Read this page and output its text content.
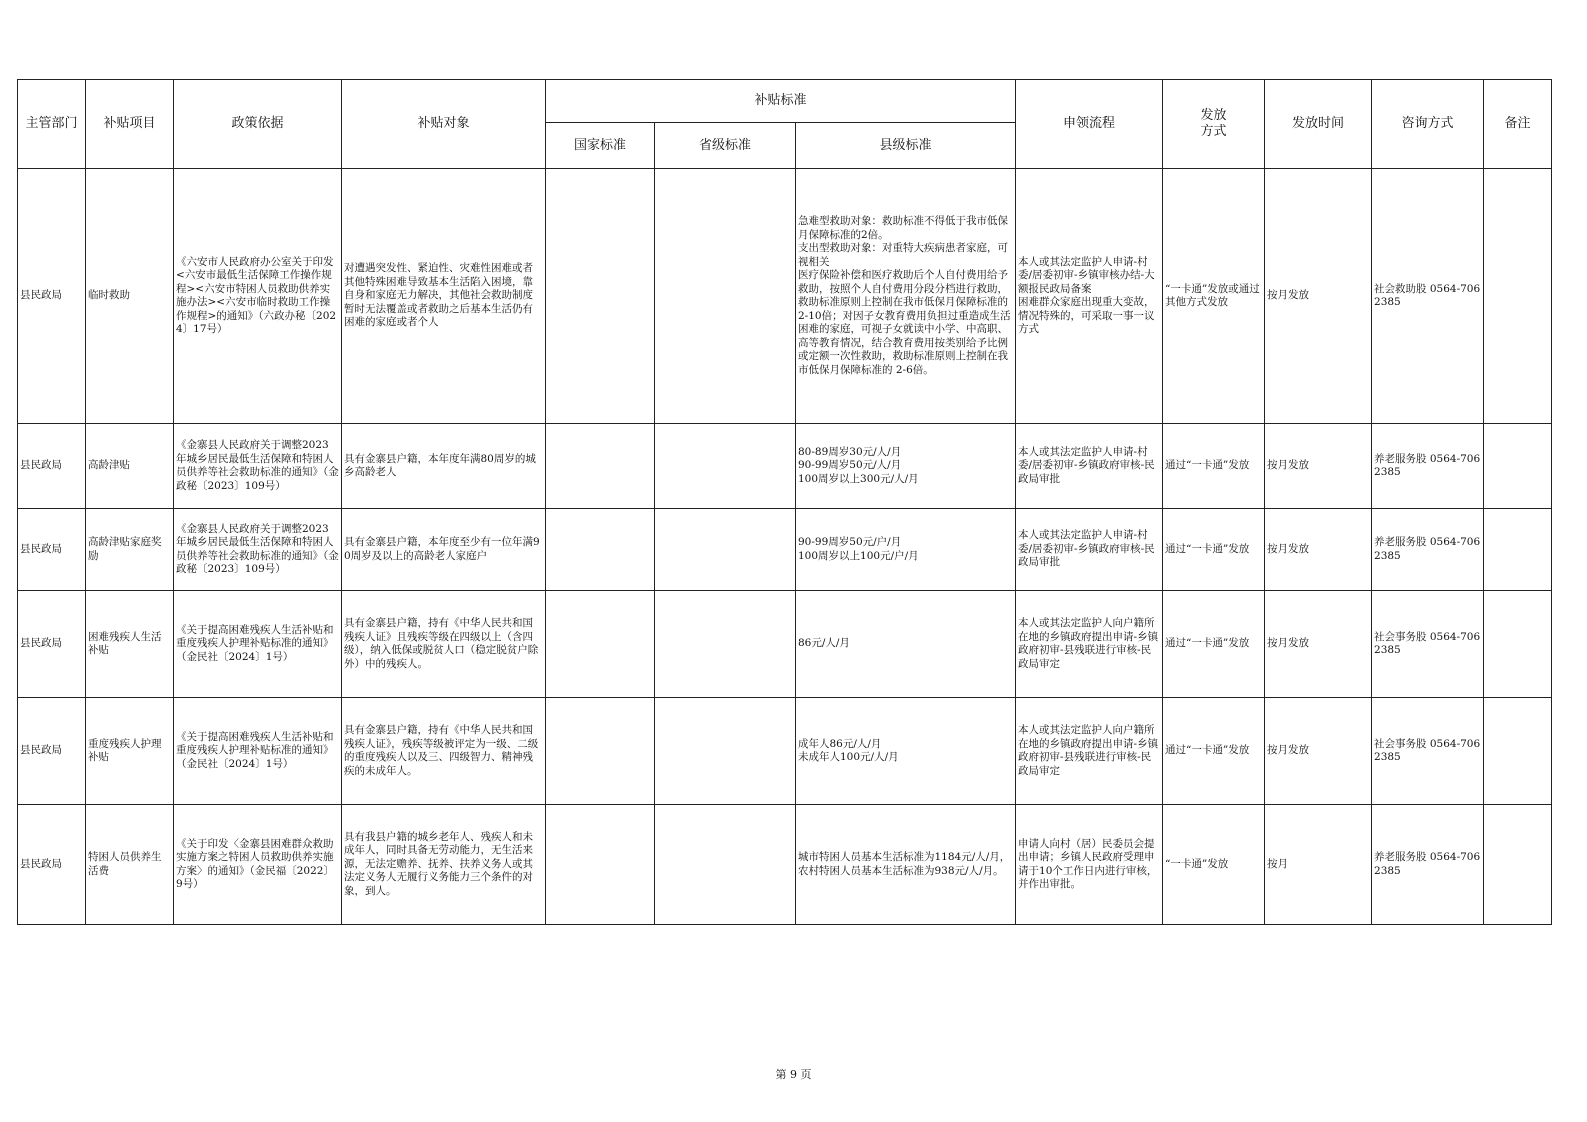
主管部门	补贴项目	政策依据	补贴对象	补贴标准			申领流程	发放
方式	发放时间	咨询方式	备注
				国家标准	省级标准	县级标准					
县民政局	临时救助	《六安市人民政府办公室关于印发<六安市最低生活保障工作操作规程><六安市特困人员救助供养实施办法><六安市临时救助工作操作规程>的通知》（六政办秘〔2024〕17号）	对遭遇突发性、紧迫性、灾难性困难或者其他特殊困难导致基本生活陷入困境，靠自身和家庭无力解决，其他社会救助制度暂时无法覆盖或者救助之后基本生活仍有困难的家庭或者个人			急难型救助对象：救助标准不得低于我市低保月保障标准的2倍。
支出型救助对象：对重特大疾病患者家庭，可视相关
医疗保险补偿和医疗救助后个人自付费用给予救助，按照个人自付费用分段分档进行救助，救助标准原则上控制在我市低保月保障标准的 2-10倍；对因子女教育费用负担过重造成生活困难的家庭，可视子女就读中小学、中高职、高等教育情况，结合教育费用按类别给予比例或定额一次性救助，救助标准原则上控制在我市低保月保障标准的 2-6倍。	本人或其法定监护人申请-村委/居委初审-乡镇审核办结-大额报民政局备案
困难群众家庭出现重大变故，情况特殊的，可采取一事一议方式	“一卡通”发放或通过其他方式发放	按月发放	社会救助股 0564-7062385	
县民政局	高龄津贴	《金寨县人民政府关于调整2023年城乡居民最低生活保障和特困人员供养等社会救助标准的通知》（金政秘〔2023〕109号）	具有金寨县户籍，本年度年满80周岁的城乡高龄老人			80-89周岁30元/人/月
90-99周岁50元/人/月
100周岁以上300元/人/月	本人或其法定监护人申请-村委/居委初审-乡镇政府审核-民政局审批	通过“一卡通”发放	按月发放	养老服务股 0564-7062385	
县民政局	高龄津贴家庭奖励	《金寨县人民政府关于调整2023年城乡居民最低生活保障和特困人员供养等社会救助标准的通知》（金政秘〔2023〕109号）	具有金寨县户籍，本年度至少有一位年满90周岁及以上的高龄老人家庭户			90-99周岁50元/户/月
100周岁以上100元/户/月	本人或其法定监护人申请-村委/居委初审-乡镇政府审核-民政局审批	通过“一卡通”发放	按月发放	养老服务股 0564-7062385	
县民政局	困难残疾人生活补贴	《关于提高困难残疾人生活补贴和重度残疾人护理补贴标准的通知》（金民社〔2024〕1号）	具有金寨县户籍，持有《中华人民共和国残疾人证》且残疾等级在四级以上（含四级），纳入低保或脱贫人口（稳定脱贫户除外）中的残疾人。			86元/人/月	本人或其法定监护人向户籍所在地的乡镇政府提出申请-乡镇政府初审-县残联进行审核-民政局审定	通过“一卡通”发放	按月发放	社会事务股 0564-7062385	
县民政局	重度残疾人护理补贴	《关于提高困难残疾人生活补贴和重度残疾人护理补贴标准的通知》（金民社〔2024〕1号）	具有金寨县户籍，持有《中华人民共和国残疾人证》，残疾等级被评定为一级、二级的重度残疾人以及三、四级智力、精神残疾的未成年人。			成年人86元/人/月
未成年人100元/人/月	本人或其法定监护人向户籍所在地的乡镇政府提出申请-乡镇政府初审-县残联进行审核-民政局审定	通过“一卡通”发放	按月发放	社会事务股 0564-7062385	
县民政局	特困人员供养生活费	《关于印发〈金寨县困难群众救助实施方案之特困人员救助供养实施方案〉的通知》（金民福〔2022〕9号）	具有我县户籍的城乡老年人、残疾人和未成年人，同时具备无劳动能力，无生活来源，无法定赡养、抚养、扶养义务人或其法定义务人无履行义务能力三个条件的对象，到人。			城市特困人员基本生活标准为1184元/人/月，农村特困人员基本生活标准为938元/人/月。	申请人向村（居）民委员会提出申请；乡镇人民政府受理申请于10个工作日内进行审核，并作出审批。	“一卡通”发放	按月	养老服务股 0564-7062385	
第 9 页
